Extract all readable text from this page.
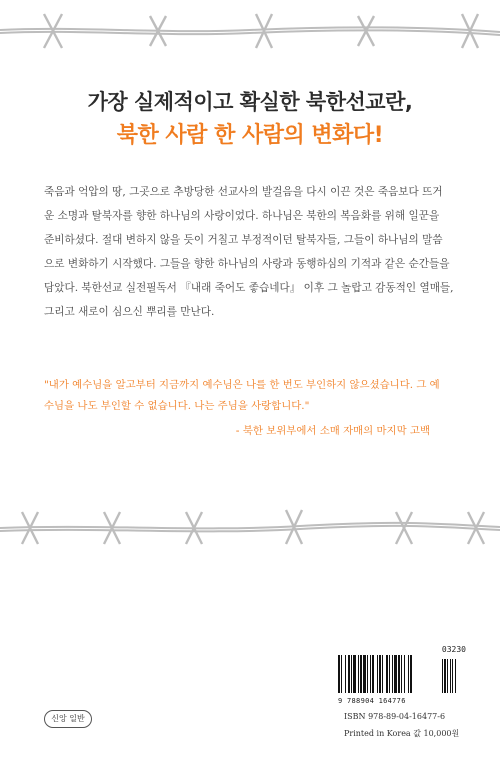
가장 실제적이고 확실한 북한선교란,
북한 사람 한 사람의 변화다!
죽음과 억압의 땅, 그곳으로 추방당한 선교사의 발걸음을 다시 이끈 것은 죽음보다 뜨거
운 소명과 탈북자를 향한 하나님의 사랑이었다. 하나님은 북한의 복음화를 위해 일꾼을
준비하셨다. 절대 변하지 않을 듯이 거칠고 부정적이던 탈북자들, 그들이 하나님의 말씀
으로 변화하기 시작했다. 그들을 향한 하나님의 사랑과 동행하심의 기적과 같은 순간들을
담았다. 북한선교 실전필독서 『내래 죽어도 좋습네다』 이후 그 놀랍고 감동적인 열매들,
그리고 새로이 심으신 뿌리를 만난다.
"내가 예수님을 알고부터 지금까지 예수님은 나를 한 번도 부인하지 않으셨습니다. 그 예
수님을 나도 부인할 수 없습니다. 나는 주님을 사랑합니다."
- 북한 보위부에서 소매 자매의 마지막 고백
신앙 일반
03230
9 788904 164776
ISBN 978-89-04-16477-6
Printed in Korea 값 10,000원
